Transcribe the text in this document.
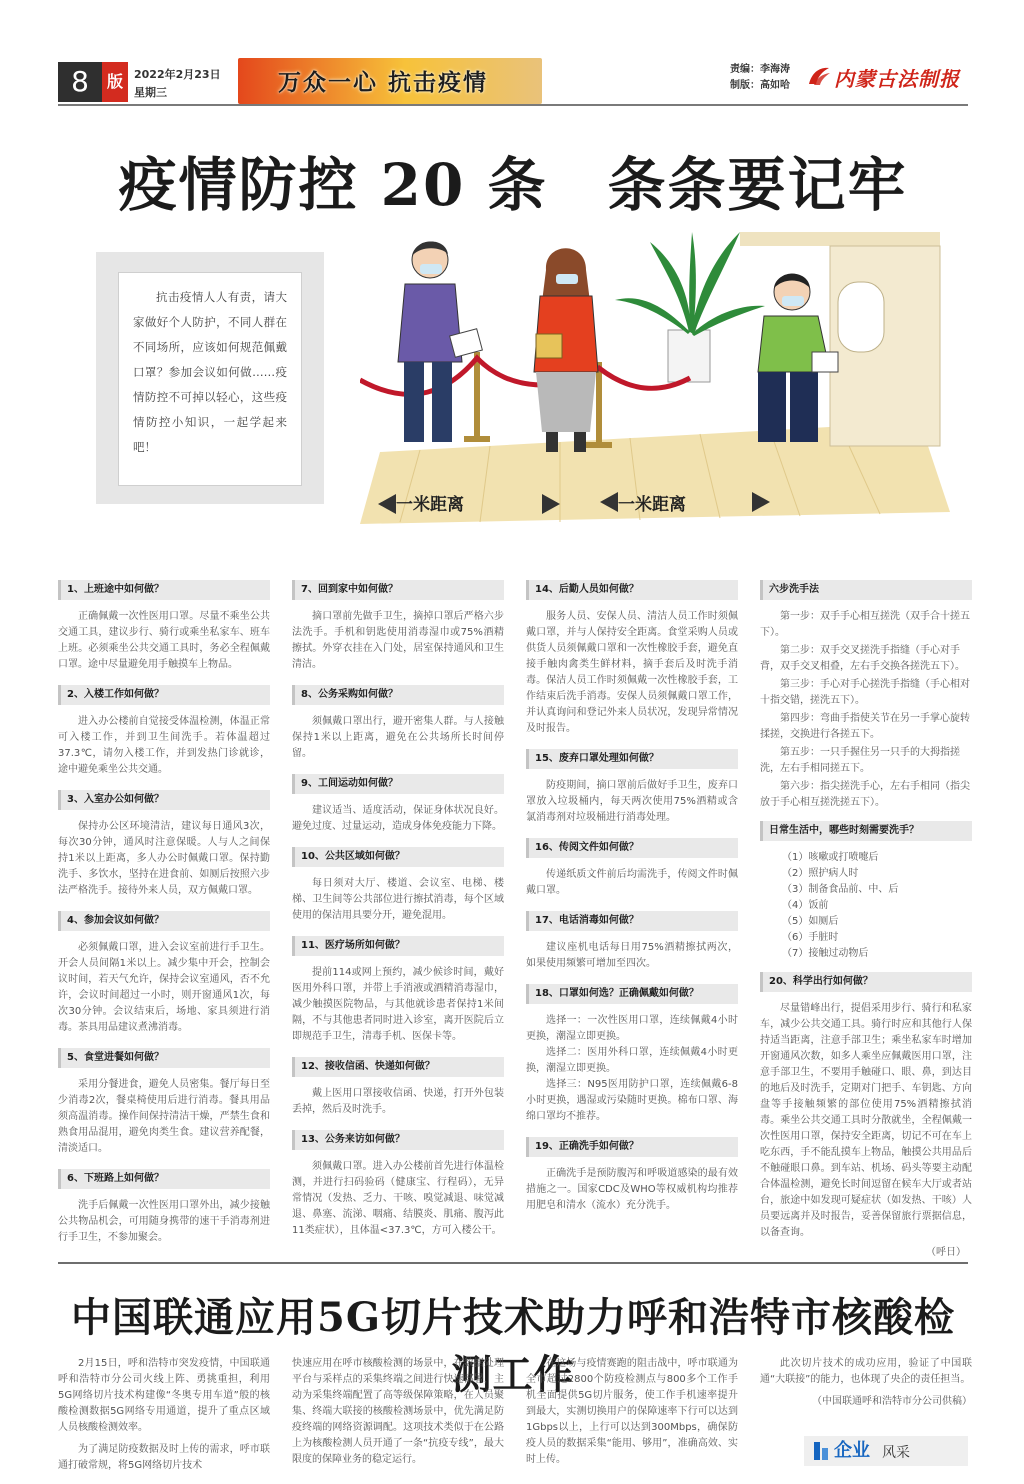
8	版	2022年2月23日
星期三	万众一心 抗击疫情	责编：李海涛
制版：高如哈 内蒙古法制报
疫情防控 20 条　条条要记牢
抗击疫情人人有责，请大家做好个人防护，不同人群在不同场所，应该如何规范佩戴口罩？参加会议如何做……疫情防控不可掉以轻心，这些疫情防控小知识，一起学起来吧！
一米距离	一米距离
1、上班途中如何做？
正确佩戴一次性医用口罩。尽量不乘坐公共交通工具，建议步行、骑行或乘坐私家车、班车上班。必须乘坐公共交通工具时，务必全程佩戴口罩。途中尽量避免用手触摸车上物品。
2、入楼工作如何做？
进入办公楼前自觉接受体温检测，体温正常可入楼工作，并到卫生间洗手。若体温超过37.3℃，请勿入楼工作，并到发热门诊就诊，途中避免乘坐公共交通。
3、入室办公如何做？
保持办公区环境清洁，建议每日通风3次，每次30分钟，通风时注意保暖。人与人之间保持1米以上距离，多人办公时佩戴口罩。保持勤洗手、多饮水，坚持在进食前、如厕后按照六步法严格洗手。接待外来人员，双方佩戴口罩。
4、参加会议如何做？
必须佩戴口罩，进入会议室前进行手卫生。开会人员间隔1米以上。减少集中开会，控制会议时间，若天气允许，保持会议室通风，否不允许，会议时间超过一小时，则开窗通风1次，每次30分钟。会议结束后，场地、家具须进行消毒。茶具用品建议煮沸消毒。
5、食堂进餐如何做？
采用分餐进食，避免人员密集。餐厅每日至少消毒2次，餐桌椅使用后进行消毒。餐具用品须高温消毒。操作间保持清洁干燥，严禁生食和熟食用品混用，避免肉类生食。建议营养配餐，清淡适口。
6、下班路上如何做？
洗手后佩戴一次性医用口罩外出，减少接触公共物品机会，可用随身携带的速干手消毒剂进行手卫生，不参加聚会。
7、回到家中如何做？
摘口罩前先做手卫生，摘掉口罩后严格六步法洗手。手机和钥匙使用消毒湿巾或75%酒精擦拭。外穿衣挂在入门处，居室保持通风和卫生清洁。
8、公务采购如何做？
须佩戴口罩出行，避开密集人群。与人接触保持1米以上距离，避免在公共场所长时间停留。
9、工间运动如何做？
建议适当、适度活动，保证身体状况良好。避免过度、过量运动，造成身体免疫能力下降。
10、公共区域如何做？
每日须对大厅、楼道、会议室、电梯、楼梯、卫生间等公共部位进行擦拭消毒，每个区域使用的保洁用具要分开，避免混用。
11、医疗场所如何做？
提前114或网上预约，减少候诊时间，戴好医用外科口罩，并带上手消液或酒精消毒湿巾，减少触摸医院物品，与其他就诊患者保持1米间隔，不与其他患者同时进入诊室，离开医院后立即规范手卫生，清毒手机、医保卡等。
12、接收信函、快递如何做？
戴上医用口罩接收信函、快递，打开外包装丢掉，然后及时洗手。
13、公务来访如何做？
须佩戴口罩。进入办公楼前首先进行体温检测，并进行扫码验码（健康宝、行程码），无异常情况（发热、乏力、干咳、嗅觉减退、味觉减退、鼻塞、流涕、咽痛、结膜炎、肌痛、腹泻此11类症状），且体温<37.3℃，方可入楼公干。
14、后勤人员如何做？
服务人员、安保人员、清洁人员工作时须佩戴口罩，并与人保持安全距离。食堂采购人员或供货人员须佩戴口罩和一次性橡胶手套，避免直接手触肉禽类生鲜材料，摘手套后及时洗手消毒。保洁人员工作时须佩戴一次性橡胶手套，工作结束后洗手消毒。安保人员须佩戴口罩工作，并认真询问和登记外来人员状况，发现异常情况及时报告。
15、废弃口罩处理如何做？
防疫期间，摘口罩前后做好手卫生，废弃口罩放入垃圾桶内，每天两次使用75%酒精或含氯消毒剂对垃圾桶进行消毒处理。
16、传阅文件如何做？
传递纸质文件前后均需洗手，传阅文件时佩戴口罩。
17、电话消毒如何做？
建议座机电话每日用75%酒精擦拭两次，如果使用频繁可增加至四次。
18、口罩如何选？正确佩戴如何做？
选择一：一次性医用口罩，连续佩戴4小时更换，潮湿立即更换。
选择二：医用外科口罩，连续佩戴4小时更换，潮湿立即更换。
选择三：N95医用防护口罩，连续佩戴6-8小时更换，遇湿或污染随时更换。棉布口罩、海绵口罩均不推荐。
19、正确洗手如何做？
正确洗手是预防腹泻和呼吸道感染的最有效措施之一。国家CDC及WHO等权威机构均推荐用肥皂和清水（流水）充分洗手。
六步洗手法
第一步：双手手心相互搓洗（双手合十搓五下）。
第二步：双手交叉搓洗手指缝（手心对手背，双手交叉相叠，左右手交换各搓洗五下）。
第三步：手心对手心搓洗手指缝（手心相对十指交错，搓洗五下）。
第四步：弯曲手指使关节在另一手掌心旋转揉搓，交换进行各搓五下。
第五步：一只手握住另一只手的大拇指搓洗，左右手相同搓五下。
第六步：指尖搓洗手心，左右手相同（指尖放于手心相互搓洗搓五下）。
日常生活中，哪些时刻需要洗手？
（1）咳嗽或打喷嚏后
（2）照护病人时
（3）制备食品前、中、后
（4）饭前
（5）如厕后
（6）手脏时
（7）接触过动物后
20、科学出行如何做？
尽量错峰出行，提倡采用步行、骑行和私家车，减少公共交通工具。骑行时应和其他行人保持适当距离，注意手部卫生；乘坐私家车时增加开窗通风次数，如多人乘坐应佩戴医用口罩，注意手部卫生，不要用手触碰口、眼、鼻，到达目的地后及时洗手，定期对门把手、车钥匙、方向盘等手接触频繁的部位使用75%酒精擦拭消毒。乘坐公共交通工具时分散就坐，全程佩戴一次性医用口罩，保持安全距离，切记不可在车上吃东西，手不能乱摸车上物品，触摸公共用品后不触碰眼口鼻。到车站、机场、码头等要主动配合体温检测，避免长时间逗留在候车大厅或者站台，旅途中如发现可疑症状（如发热、干咳）人员要远离并及时报告，妥善保留旅行票据信息，以备查询。
（呼日）
中国联通应用5G切片技术助力呼和浩特市核酸检测工作
2月15日，呼和浩特市突发疫情，中国联通呼和浩特市分公司火线上阵、勇挑重担，利用5G网络切片技术构建像“冬奥专用车道”般的核酸检测数据5G网络专用通道，提升了重点区域人员核酸检测效率。
为了满足防疫数据及时上传的需求，呼市联通打破常规，将5G网络切片技术
快速应用在呼市核酸检测的场景中，在数据处理平台与采样点的采集终端之间进行快速部署，主动为采集终端配置了高等级保障策略，在人员聚集、终端大联接的核酸检测场景中，优先满足防疫终端的网络资源调配。这项技术类似于在公路上为核酸检测人员开通了一条“抗疫专线”，最大限度的保障业务的稳定运行。
在这场与疫情赛跑的阻击战中，呼市联通为全市超过2800个防疫检测点与800多个工作手机全面提供5G切片服务，使工作手机速率提升到最大，实测切换用户的保障速率下行可以达到1Gbps以上，上行可以达到300Mbps，确保防疫人员的数据采集“能用、够用”，准确高效、实时上传。
此次切片技术的成功应用，验证了中国联通“大联接”的能力，也体现了央企的责任担当。
（中国联通呼和浩特市分公司供稿）
企业 风采
